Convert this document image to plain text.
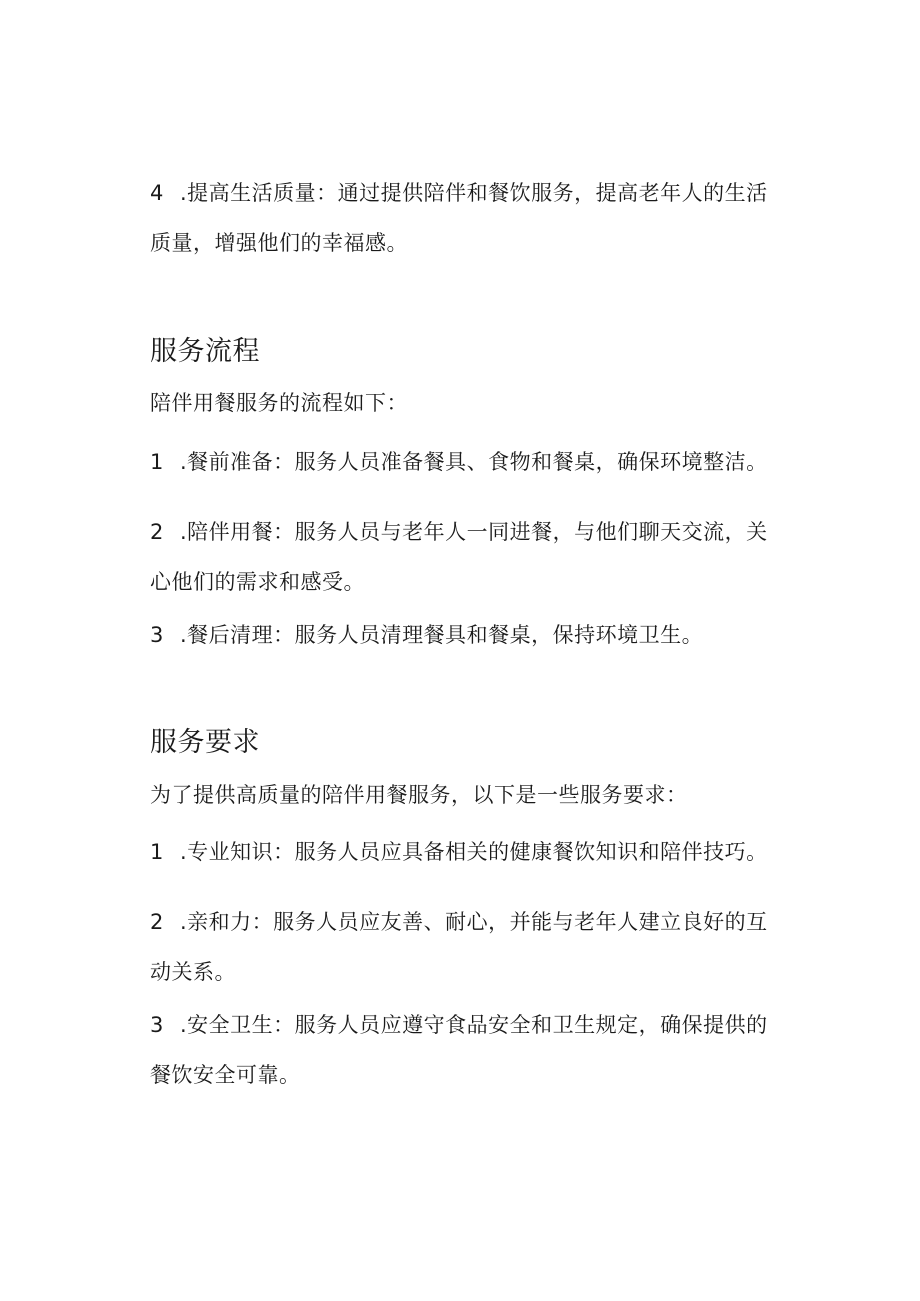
4 .提高生活质量：通过提供陪伴和餐饮服务，提高老年人的生活

质量，增强他们的幸福感。

服务流程

陪伴用餐服务的流程如下：

1 .餐前准备：服务人员准备餐具、食物和餐桌，确保环境整洁。

2 .陪伴用餐：服务人员与老年人一同进餐，与他们聊天交流，关

心他们的需求和感受。

3 .餐后清理：服务人员清理餐具和餐桌，保持环境卫生。

服务要求

为了提供高质量的陪伴用餐服务，以下是一些服务要求：

1 .专业知识：服务人员应具备相关的健康餐饮知识和陪伴技巧。

2 .亲和力：服务人员应友善、耐心，并能与老年人建立良好的互

动关系。

3 .安全卫生：服务人员应遵守食品安全和卫生规定，确保提供的

餐饮安全可靠。
